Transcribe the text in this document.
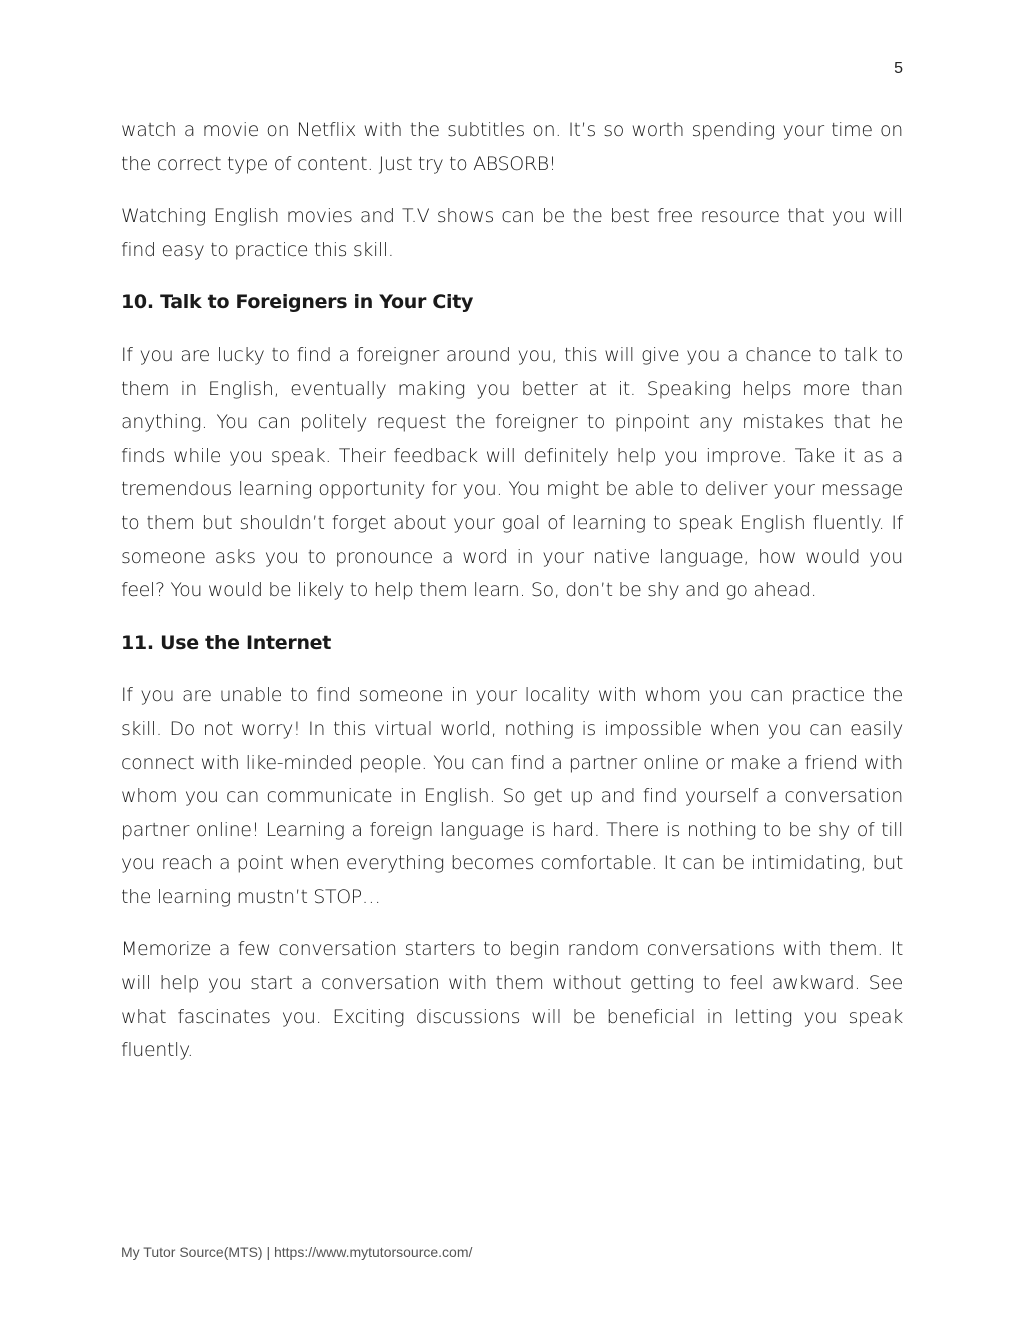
5

watch a movie on Netflix with the subtitles on. It’s so worth spending your time on the correct type of content. Just try to ABSORB!

Watching English movies and T.V shows can be the best free resource that you will find easy to practice this skill.

10. Talk to Foreigners in Your City

If you are lucky to find a foreigner around you, this will give you a chance to talk to them in English, eventually making you better at it. Speaking helps more than anything. You can politely request the foreigner to pinpoint any mistakes that he finds while you speak. Their feedback will definitely help you improve. Take it as a tremendous learning opportunity for you. You might be able to deliver your message to them but shouldn’t forget about your goal of learning to speak English fluently. If someone asks you to pronounce a word in your native language, how would you feel? You would be likely to help them learn. So, don’t be shy and go ahead.

11. Use the Internet

If you are unable to find someone in your locality with whom you can practice the skill. Do not worry! In this virtual world, nothing is impossible when you can easily connect with like-minded people. You can find a partner online or make a friend with whom you can communicate in English. So get up and find yourself a conversation partner online! Learning a foreign language is hard. There is nothing to be shy of till you reach a point when everything becomes comfortable. It can be intimidating, but the learning mustn’t STOP…

Memorize a few conversation starters to begin random conversations with them. It will help you start a conversation with them without getting to feel awkward. See what fascinates you. Exciting discussions will be beneficial in letting you speak fluently.

My Tutor Source(MTS) | https://www.mytutorsource.com/
